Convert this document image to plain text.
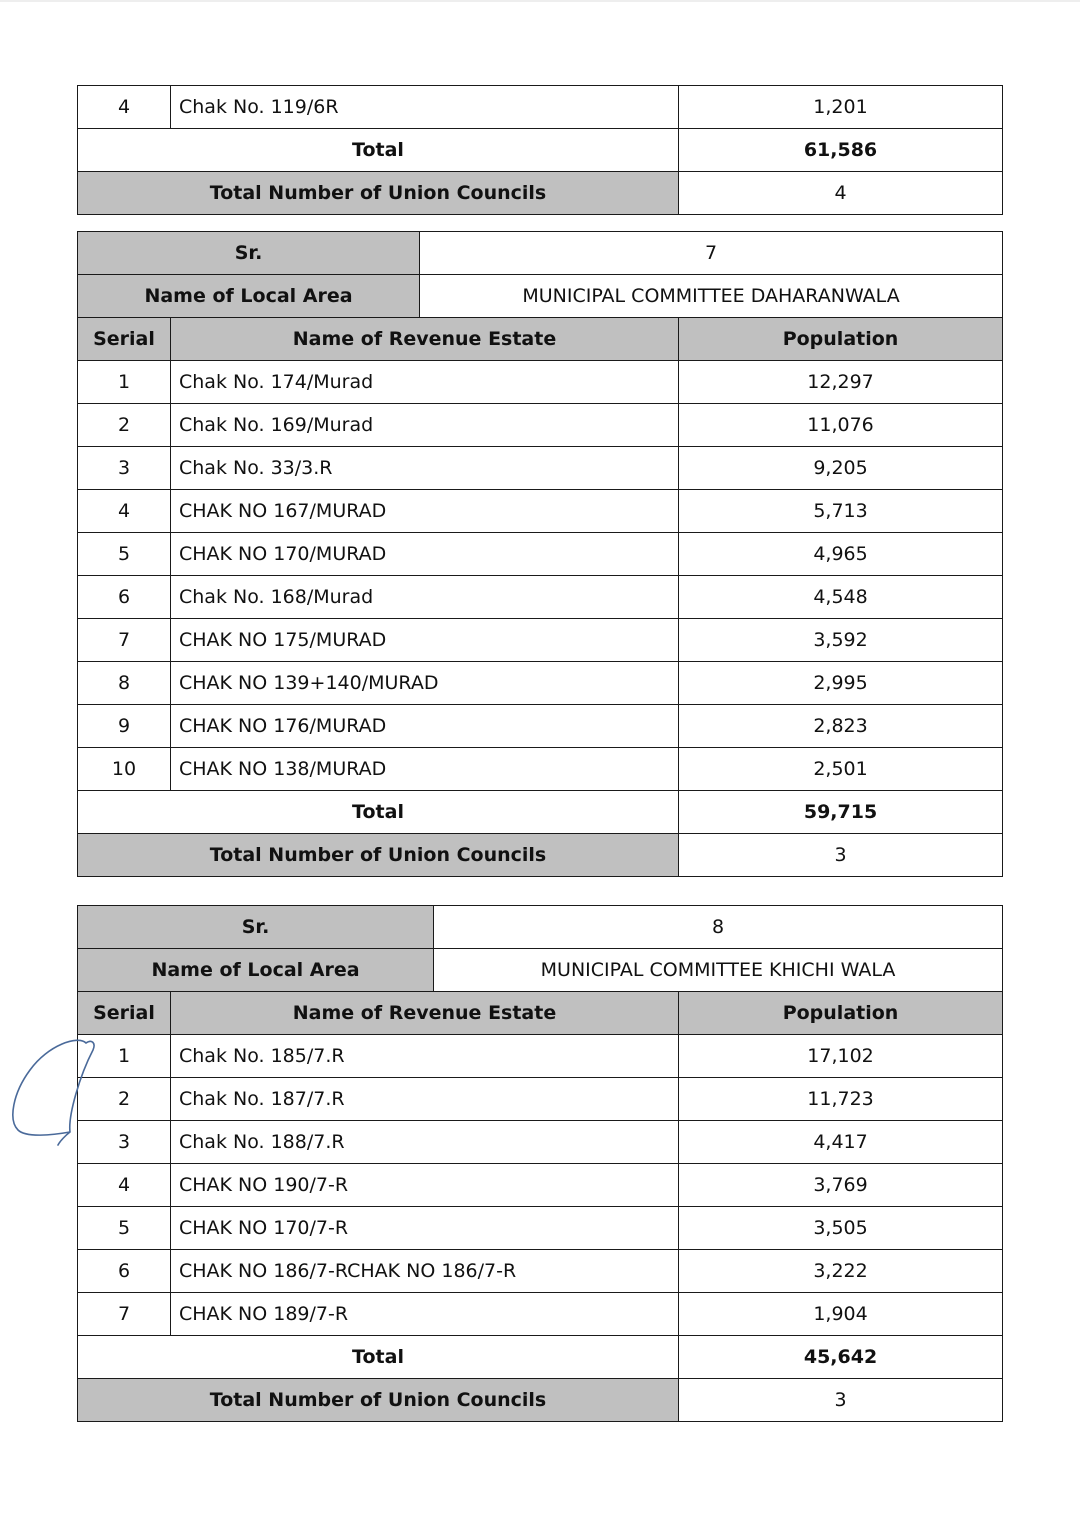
4	Chak No. 119/6R	1,201
Total		61,586
Total Number of Union Councils		4
Sr.		7	
Name of Local Area		MUNICIPAL COMMITTEE DAHARANWALA	
Serial	Name of Revenue Estate		Population
1	Chak No. 174/Murad		12,297
2	Chak No. 169/Murad		11,076
3	Chak No. 33/3.R		9,205
4	CHAK NO 167/MURAD		5,713
5	CHAK NO 170/MURAD		4,965
6	Chak No. 168/Murad		4,548
7	CHAK NO 175/MURAD		3,592
8	CHAK NO 139+140/MURAD		2,995
9	CHAK NO 176/MURAD		2,823
10	CHAK NO 138/MURAD		2,501
Total			59,715
Total Number of Union Councils			3
Sr.		8	
Name of Local Area		MUNICIPAL COMMITTEE KHICHI WALA	
Serial	Name of Revenue Estate		Population
1	Chak No. 185/7.R		17,102
2	Chak No. 187/7.R		11,723
3	Chak No. 188/7.R		4,417
4	CHAK NO 190/7-R		3,769
5	CHAK NO 170/7-R		3,505
6	CHAK NO 186/7-RCHAK NO 186/7-R		3,222
7	CHAK NO 189/7-R		1,904
Total			45,642
Total Number of Union Councils			3
